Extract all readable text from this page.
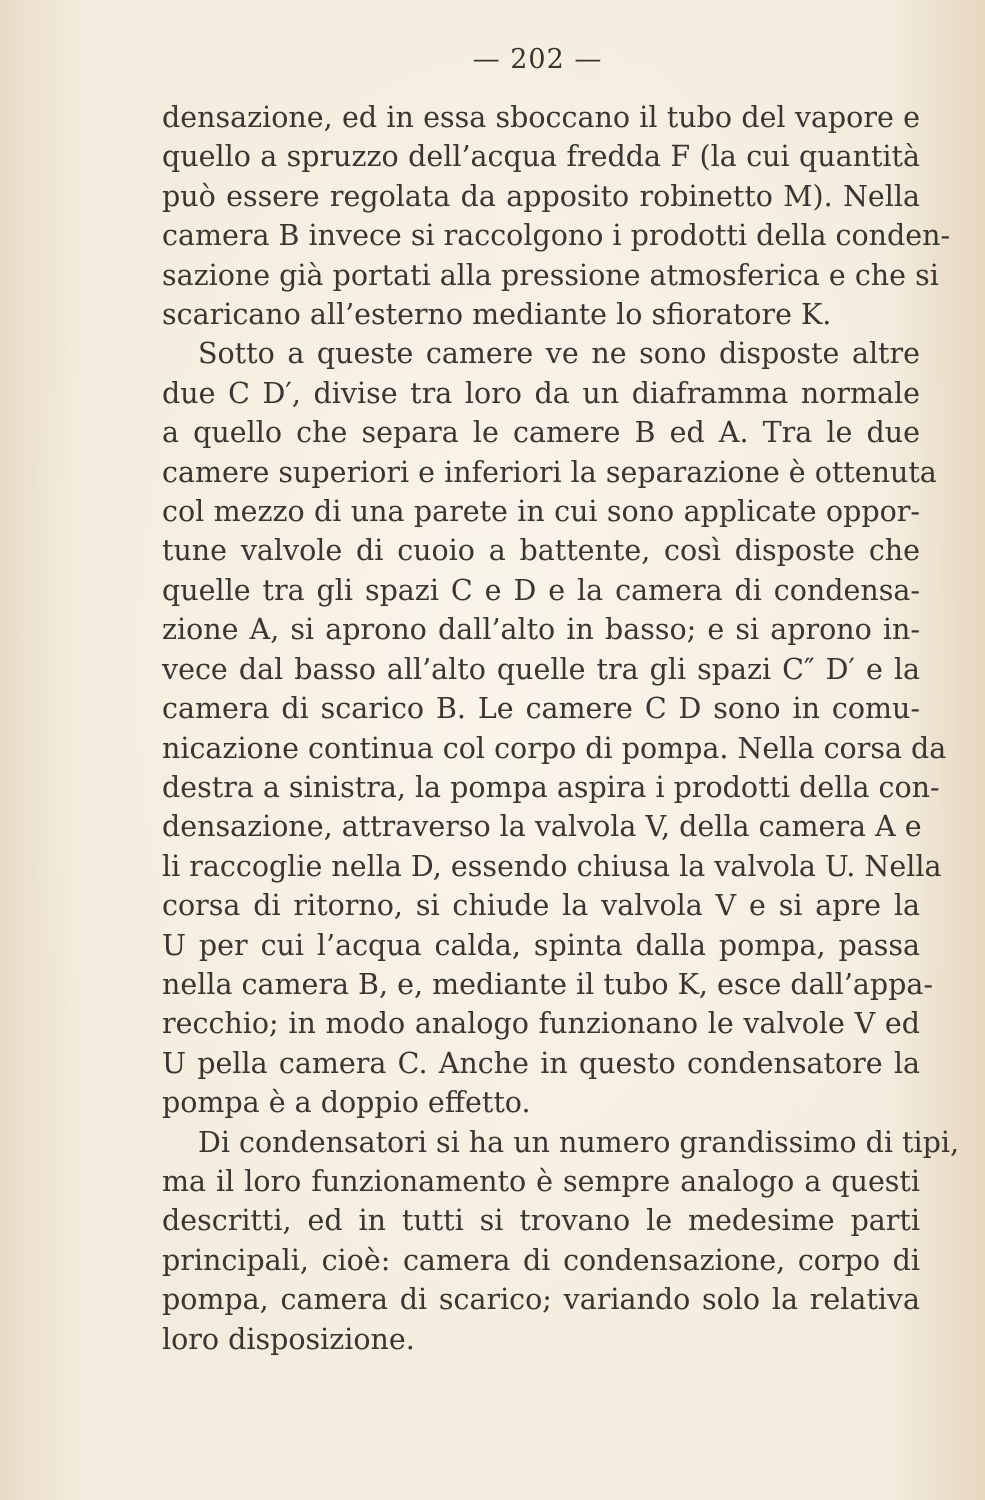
— 202 —

densazione, ed in essa sboccano il tubo del vapore e
quello a spruzzo dell’acqua fredda F (la cui quantità
può essere regolata da apposito robinetto M). Nella
camera B invece si raccolgono i prodotti della conden-
sazione già portati alla pressione atmosferica e che si
scaricano all’esterno mediante lo sfioratore K.

Sotto a queste camere ve ne sono disposte altre
due C D′, divise tra loro da un diaframma normale
a quello che separa le camere B ed A. Tra le due
camere superiori e inferiori la separazione è ottenuta
col mezzo di una parete in cui sono applicate oppor-
tune valvole di cuoio a battente, così disposte che
quelle tra gli spazi C e D e la camera di condensa-
zione A, si aprono dall’alto in basso; e si aprono in-
vece dal basso all’alto quelle tra gli spazi C″ D′ e la
camera di scarico B. Le camere C D sono in comu-
nicazione continua col corpo di pompa. Nella corsa da
destra a sinistra, la pompa aspira i prodotti della con-
densazione, attraverso la valvola V, della camera A e
li raccoglie nella D, essendo chiusa la valvola U. Nella
corsa di ritorno, si chiude la valvola V e si apre la
U per cui l’acqua calda, spinta dalla pompa, passa
nella camera B, e, mediante il tubo K, esce dall’appa-
recchio; in modo analogo funzionano le valvole V ed
U pella camera C. Anche in questo condensatore la
pompa è a doppio effetto.

Di condensatori si ha un numero grandissimo di tipi,
ma il loro funzionamento è sempre analogo a questi
descritti, ed in tutti si trovano le medesime parti
principali, cioè: camera di condensazione, corpo di
pompa, camera di scarico; variando solo la relativa
loro disposizione.
